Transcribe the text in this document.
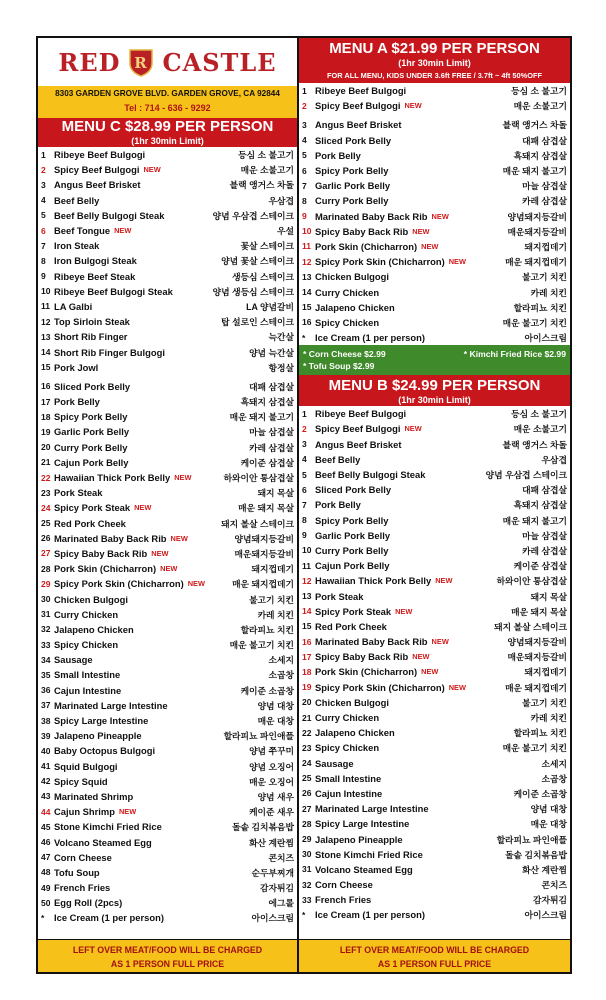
RED R CASTLE
8303 GARDEN GROVE BLVD. GARDEN GROVE, CA 92844
Tel : 714 - 636 - 9292
MENU C $28.99 PER PERSON
(1hr 30min Limit)
1 Ribeye Beef Bulgogi	등심 소 불고기
2 Spicy Beef Bulgogi NEW	매운 소불고기
3 Angus Beef Brisket	블랙 앵거스 차돌
4 Beef Belly	우삼겹
5 Beef Belly Bulgogi Steak	양념 우삼겹 스테이크
6 Beef Tongue NEW	우설
7 Iron Steak	꽃살 스테이크
8 Iron Bulgogi Steak	양념 꽃살 스테이크
9 Ribeye Beef Steak	생등심 스테이크
10 Ribeye Beef Bulgogi Steak	양념 생등심 스테이크
11 LA Galbi	LA 양념갈비
12 Top Sirloin Steak	탑 설로인 스테이크
13 Short Rib Finger	늑간살
14 Short Rib Finger Bulgogi	양념 늑간살
15 Pork Jowl	항정살
16 Sliced Pork Belly	대패 삼겹살
17 Pork Belly	흑돼지 삼겹살
18 Spicy Pork Belly	매운 돼지 불고기
19 Garlic Pork Belly	마늘 삼겹살
20 Curry Pork Belly	카레 삼겹살
21 Cajun Pork Belly	케이준 삼겹살
22 Hawaiian Thick Pork Belly NEW	하와이안 통삼겹살
23 Pork Steak	돼지 목살
24 Spicy Pork Steak NEW	매운 돼지 목살
25 Red Pork Cheek	돼지 볼살 스테이크
26 Marinated Baby Back Rib NEW	양념돼지등갈비
27 Spicy Baby Back Rib NEW	매운돼지등갈비
28 Pork Skin (Chicharron) NEW	돼지껍데기
29 Spicy Pork Skin (Chicharron) NEW	매운 돼지껍데기
30 Chicken Bulgogi	불고기 치킨
31 Curry Chicken	카레 치킨
32 Jalapeno Chicken	할라피뇨 치킨
33 Spicy Chicken	매운 불고기 치킨
34 Sausage	소세지
35 Small Intestine	소곱창
36 Cajun Intestine	케이준 소곱창
37 Marinated Large Intestine	양념 대창
38 Spicy Large Intestine	매운 대창
39 Jalapeno Pineapple	할라피뇨 파인애플
40 Baby Octopus Bulgogi	양념 쭈꾸미
41 Squid Bulgogi	양념 오징어
42 Spicy Squid	매운 오징어
43 Marinated Shrimp	양념 새우
44 Cajun Shrimp NEW	케이준 새우
45 Stone Kimchi Fried Rice	돌솥 김치볶음밥
46 Volcano Steamed Egg	화산 계란찜
47 Corn Cheese	콘치즈
48 Tofu Soup	순두부찌개
49 French Fries	감자튀김
50 Egg Roll (2pcs)	에그롤
*	Ice Cream (1 per person)	아이스크림
LEFT OVER MEAT/FOOD WILL BE CHARGED
AS 1 PERSON FULL PRICE
MENU A $21.99 PER PERSON
(1hr 30min Limit)
FOR ALL MENU, KIDS UNDER 3.6ft FREE / 3.7ft ~ 4ft 50%OFF
1 Ribeye Beef Bulgogi	등심 소 불고기
2 Spicy Beef Bulgogi NEW	매운 소불고기
3 Angus Beef Brisket	블랙 앵거스 차돌
4 Sliced Pork Belly	대패 삼겹살
5 Pork Belly	흑돼지 삼겹살
6 Spicy Pork Belly	매운 돼지 불고기
7 Garlic Pork Belly	마늘 삼겹살
8 Curry Pork Belly	카레 삼겹살
9 Marinated Baby Back Rib NEW	양념돼지등갈비
10 Spicy Baby Back Rib NEW	매운돼지등갈비
11 Pork Skin (Chicharron) NEW	돼지껍데기
12 Spicy Pork Skin (Chicharron) NEW	매운 돼지껍데기
13 Chicken Bulgogi	불고기 치킨
14 Curry Chicken	카레 치킨
15 Jalapeno Chicken	할라피뇨 치킨
16 Spicy Chicken	매운 불고기 치킨
*	Ice Cream (1 per person)	아이스크림
* Corn Cheese $2.99	* Kimchi Fried Rice $2.99
* Tofu Soup $2.99
MENU B $24.99 PER PERSON
(1hr 30min Limit)
1 Ribeye Beef Bulgogi	등심 소 불고기
2 Spicy Beef Bulgogi NEW	매운 소불고기
3 Angus Beef Brisket	블랙 앵거스 차돌
4 Beef Belly	우삼겹
5 Beef Belly Bulgogi Steak	양념 우삼겹 스테이크
6 Sliced Pork Belly	대패 삼겹살
7 Pork Belly	흑돼지 삼겹살
8 Spicy Pork Belly	매운 돼지 불고기
9 Garlic Pork Belly	마늘 삼겹살
10 Curry Pork Belly	카레 삼겹살
11 Cajun Pork Belly	케이준 삼겹살
12 Hawaiian Thick Pork Belly NEW	하와이안 통삼겹살
13 Pork Steak	돼지 목살
14 Spicy Pork Steak NEW	매운 돼지 목살
15 Red Pork Cheek	돼지 볼살 스테이크
16 Marinated Baby Back Rib NEW	양념돼지등갈비
17 Spicy Baby Back Rib NEW	매운돼지등갈비
18 Pork Skin (Chicharron) NEW	돼지껍데기
19 Spicy Pork Skin (Chicharron) NEW	매운 돼지껍데기
20 Chicken Bulgogi	불고기 치킨
21 Curry Chicken	카레 치킨
22 Jalapeno Chicken	할라피뇨 치킨
23 Spicy Chicken	매운 불고기 치킨
24 Sausage	소세지
25 Small Intestine	소곱창
26 Cajun Intestine	케이준 소곱창
27 Marinated Large Intestine	양념 대창
28 Spicy Large Intestine	매운 대창
29 Jalapeno Pineapple	할라피뇨 파인애플
30 Stone Kimchi Fried Rice	돌솥 김치볶음밥
31 Volcano Steamed Egg	화산 계란찜
32 Corn Cheese	콘치즈
33 French Fries	감자튀김
*	Ice Cream (1 per person)	아이스크림
LEFT OVER MEAT/FOOD WILL BE CHARGED
AS 1 PERSON FULL PRICE
